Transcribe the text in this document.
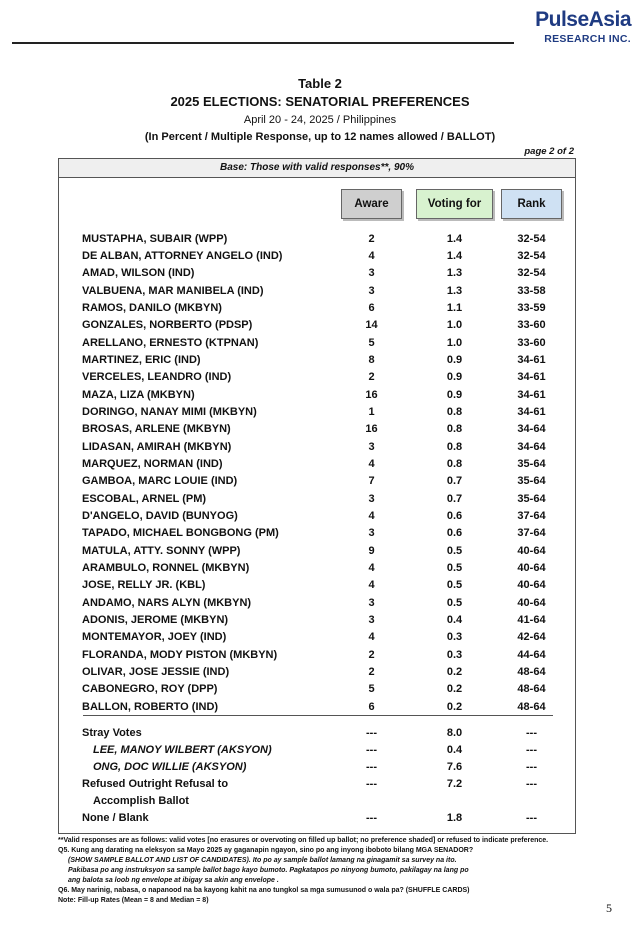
PulseAsia
RESEARCH INC.
Table 2
2025 ELECTIONS: SENATORIAL PREFERENCES
April 20 - 24, 2025 / Philippines
(In Percent / Multiple Response, up to 12 names allowed / BALLOT)
page 2 of 2
Base: Those with valid responses**, 90%
Aware	Voting for	Rank
MUSTAPHA, SUBAIR (WPP)	2	1.4	32-54
DE ALBAN, ATTORNEY ANGELO (IND)	4	1.4	32-54
AMAD, WILSON (IND)	3	1.3	32-54
VALBUENA, MAR MANIBELA (IND)	3	1.3	33-58
RAMOS, DANILO (MKBYN)	6	1.1	33-59
GONZALES, NORBERTO (PDSP)	14	1.0	33-60
ARELLANO, ERNESTO (KTPNAN)	5	1.0	33-60
MARTINEZ, ERIC (IND)	8	0.9	34-61
VERCELES, LEANDRO (IND)	2	0.9	34-61
MAZA, LIZA (MKBYN)	16	0.9	34-61
DORINGO, NANAY MIMI (MKBYN)	1	0.8	34-61
BROSAS, ARLENE (MKBYN)	16	0.8	34-64
LIDASAN, AMIRAH (MKBYN)	3	0.8	34-64
MARQUEZ, NORMAN (IND)	4	0.8	35-64
GAMBOA, MARC LOUIE (IND)	7	0.7	35-64
ESCOBAL, ARNEL (PM)	3	0.7	35-64
D'ANGELO, DAVID (BUNYOG)	4	0.6	37-64
TAPADO, MICHAEL BONGBONG (PM)	3	0.6	37-64
MATULA, ATTY. SONNY (WPP)	9	0.5	40-64
ARAMBULO, RONNEL (MKBYN)	4	0.5	40-64
JOSE, RELLY JR. (KBL)	4	0.5	40-64
ANDAMO, NARS ALYN (MKBYN)	3	0.5	40-64
ADONIS, JEROME (MKBYN)	3	0.4	41-64
MONTEMAYOR, JOEY (IND)	4	0.3	42-64
FLORANDA, MODY PISTON (MKBYN)	2	0.3	44-64
OLIVAR, JOSE JESSIE (IND)	2	0.2	48-64
CABONEGRO, ROY (DPP)	5	0.2	48-64
BALLON, ROBERTO (IND)	6	0.2	48-64
Stray Votes	---	8.0	---
LEE, MANOY WILBERT (AKSYON)	---	0.4	---
ONG, DOC WILLIE (AKSYON)	---	7.6	---
Refused Outright Refusal to	---	7.2	---
Accomplish Ballot
None / Blank	---	1.8	---
**Valid responses are as follows: valid votes [no erasures or overvoting on filled up ballot; no preference shaded] or refused to indicate preference.
Q5. Kung ang darating na eleksyon sa Mayo 2025 ay gaganapin ngayon, sino po ang inyong iboboto bilang MGA SENADOR?
(SHOW SAMPLE BALLOT AND LIST OF CANDIDATES). Ito po ay sample ballot lamang na ginagamit sa survey na ito.
Pakibasa po ang instruksyon sa sample ballot bago kayo bumoto. Pagkatapos po ninyong bumoto, pakilagay na lang po
ang balota sa loob ng envelope at ibigay sa akin ang envelope .
Q6. May narinig, nabasa, o napanood na ba kayong kahit na ano tungkol sa mga sumusunod o wala pa? (SHUFFLE CARDS)
Note: Fill-up Rates (Mean = 8 and Median = 8)
5
